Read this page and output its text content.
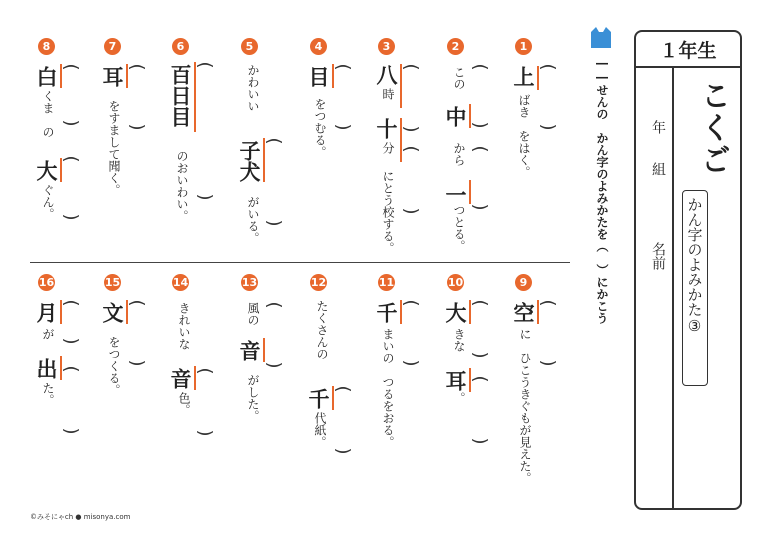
１年生
こくご
かん字のよみかた③
年
組
名前
――せんの　かん字のよみかたを（　）にかこう
1
上
ばき　をはく。
(
)
2
この
中
から
一
つとる。
(
)
(
)
3
八
時
十
分
にとう校する。
(
)
(
)
4
目
をつむる。
(
)
5
かわいい
子犬
がいる。
(
)
6
百日目
のおいわい。
(
)
7
耳
をすまして聞く。
(
)
8
白
くま　の
大
ぐん。
(
)
(
)
9
空
に　ひこうきぐもが見えた。
(
)
10
大
きな
耳
。
(
)
(
)
11
千
まいの　つるをおる。
(
)
12
たくさんの
千
代紙。
(
)
13
風の
音
がした。
(
)
14
きれいな
音
色。
(
)
15
文
をつくる。
(
)
16
月
が
出
た。
(
)
(
)
©みそにゃch ● misonya.com
